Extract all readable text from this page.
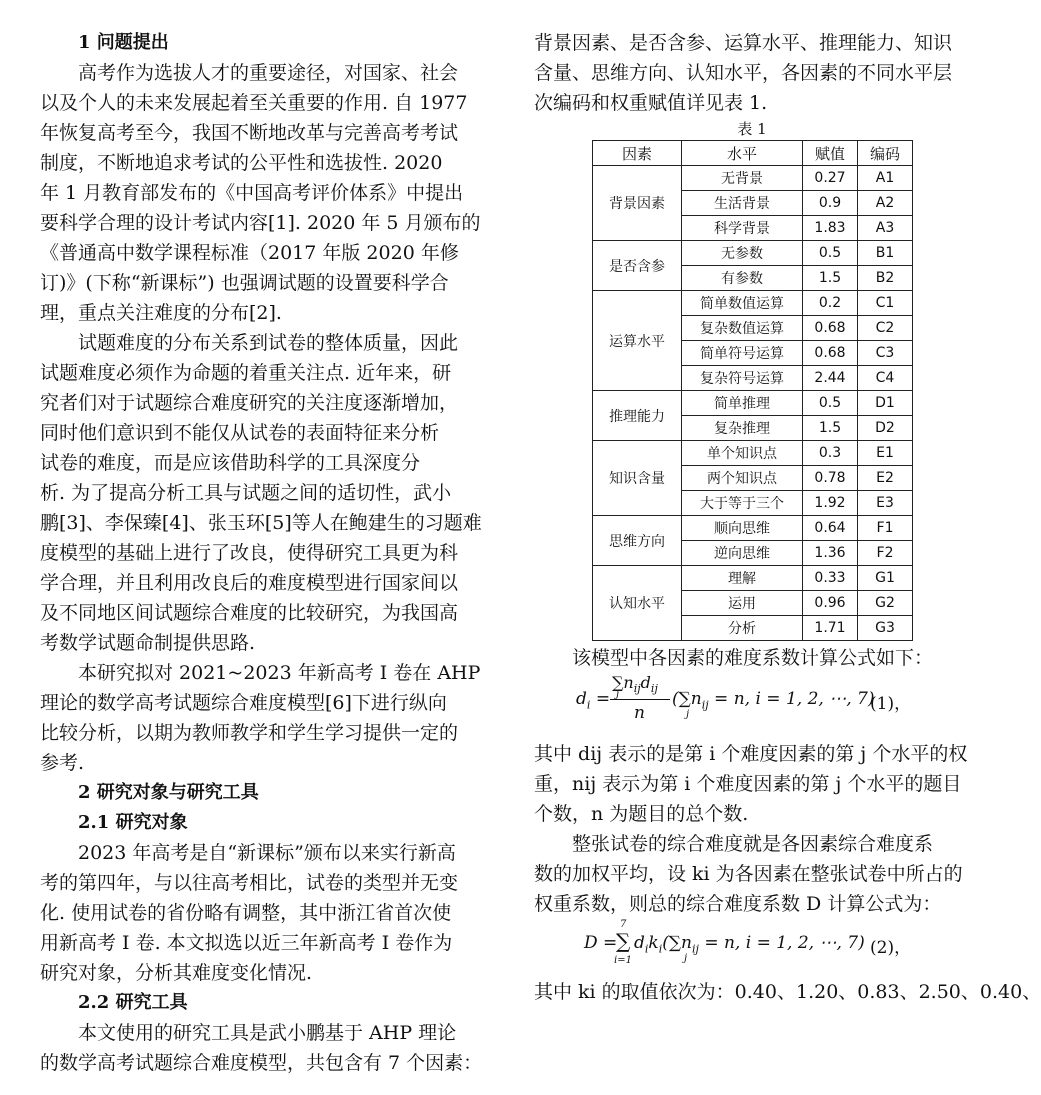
1 问题提出
高考作为选拔人才的重要途径，对国家、社会
以及个人的未来发展起着至关重要的作用. 自 1977
年恢复高考至今，我国不断地改革与完善高考考试
制度，不断地追求考试的公平性和选拔性. 2020
年 1 月教育部发布的《中国高考评价体系》中提出
要科学合理的设计考试内容[1]. 2020 年 5 月颁布的
《普通高中数学课程标准（2017 年版 2020 年修
订)》(下称“新课标”) 也强调试题的设置要科学合
理，重点关注难度的分布[2].
试题难度的分布关系到试卷的整体质量，因此
试题难度必须作为命题的着重关注点. 近年来，研
究者们对于试题综合难度研究的关注度逐渐增加，
同时他们意识到不能仅从试卷的表面特征来分析
试卷的难度，而是应该借助科学的工具深度分
析. 为了提高分析工具与试题之间的适切性，武小
鹏[3]、李保臻[4]、张玉环[5]等人在鲍建生的习题难
度模型的基础上进行了改良，使得研究工具更为科
学合理，并且利用改良后的难度模型进行国家间以
及不同地区间试题综合难度的比较研究，为我国高
考数学试题命制提供思路.
本研究拟对 2021~2023 年新高考 I 卷在 AHP
理论的数学高考试题综合难度模型[6]下进行纵向
比较分析，以期为教师教学和学生学习提供一定的
参考.
2 研究对象与研究工具
2.1 研究对象
2023 年高考是自“新课标”颁布以来实行新高
考的第四年，与以往高考相比，试卷的类型并无变
化. 使用试卷的省份略有调整，其中浙江省首次使
用新高考 I 卷. 本文拟选以近三年新高考 I 卷作为
研究对象，分析其难度变化情况.
2.2 研究工具
本文使用的研究工具是武小鹏基于 AHP 理论
的数学高考试题综合难度模型，共包含有 7 个因素：
背景因素、是否含参、运算水平、推理能力、知识
含量、思维方向、认知水平，各因素的不同水平层
次编码和权重赋值详见表 1.
表 1
因素	水平	赋值	编码
背景因素	无背景	0.27	A1
	生活背景	0.9	A2
	科学背景	1.83	A3
是否含参	无参数	0.5	B1
	有参数	1.5	B2
运算水平	简单数值运算	0.2	C1
	复杂数值运算	0.68	C2
	简单符号运算	0.68	C3
	复杂符号运算	2.44	C4
推理能力	简单推理	0.5	D1
	复杂推理	1.5	D2
知识含量	单个知识点	0.3	E1
	两个知识点	0.78	E2
	大于等于三个	1.92	E3
思维方向	顺向思维	0.64	F1
	逆向思维	1.36	F2
认知水平	理解	0.33	G1
	运用	0.96	G2
	分析	1.71	G3
该模型中各因素的难度系数计算公式如下：
$d_i$ =
$\sum n_{ij}d_{ij}$
j
n
($\sum n_{ij} = n$, i = 1, 2, ⋯, 7)
j
(1)，
其中 dij 表示的是第 i 个难度因素的第 j 个水平的权
重，nij 表示为第 i 个难度因素的第 j 个水平的题目
个数，n 为题目的总个数.
整张试卷的综合难度就是各因素综合难度系
数的加权平均，设 ki 为各因素在整张试卷中所占的
权重系数，则总的综合难度系数 D 计算公式为：
D =
7
∑
i=1
$d_ik_i(\sum n_{ij} = n$, i = 1, 2, ⋯, 7)
j
(2)，
其中 ki 的取值依次为：0.40、1.20、0.83、2.50、0.40、
